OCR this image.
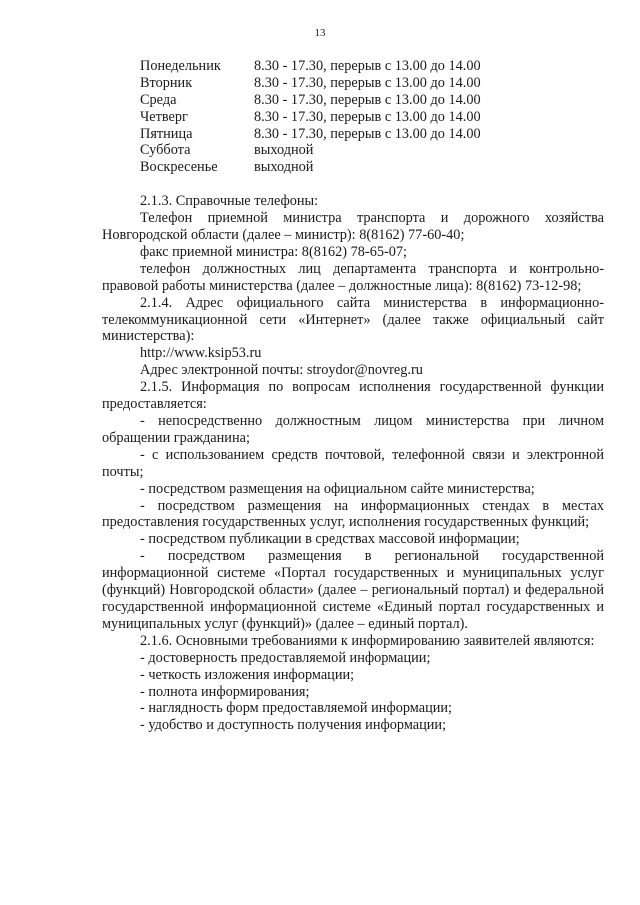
13
Понедельник	8.30 - 17.30, перерыв с 13.00 до 14.00
Вторник	8.30 - 17.30, перерыв с 13.00 до 14.00
Среда	8.30 - 17.30, перерыв с 13.00 до 14.00
Четверг	8.30 - 17.30, перерыв с 13.00 до 14.00
Пятница	8.30 - 17.30, перерыв с 13.00 до 14.00
Суббота	выходной
Воскресенье	выходной

2.1.3. Справочные телефоны:

Телефон приемной министра транспорта и дорожного хозяйства Новгородской области (далее – министр): 8(8162) 77-60-40;

факс приемной министра: 8(8162) 78-65-07;

телефон должностных лиц департамента транспорта и контрольно-правовой работы министерства (далее – должностные лица): 8(8162) 73-12-98;

2.1.4. Адрес официального сайта министерства в информационно-телекоммуникационной сети «Интернет» (далее также официальный сайт министерства):

http://www.ksip53.ru

Адрес электронной почты: stroydor@novreg.ru

2.1.5. Информация по вопросам исполнения государственной функции предоставляется:

- непосредственно должностным лицом министерства при личном обращении гражданина;

- с использованием средств почтовой, телефонной связи и электронной почты;

- посредством размещения на официальном сайте министерства;

- посредством размещения на информационных стендах в местах предоставления государственных услуг, исполнения государственных функций;

- посредством публикации в средствах массовой информации;

- посредством размещения в региональной государственной информационной системе «Портал государственных и муниципальных услуг (функций) Новгородской области» (далее – региональный портал) и федеральной государственной информационной системе «Единый портал государственных и муниципальных услуг (функций)» (далее – единый портал).

2.1.6. Основными требованиями к информированию заявителей являются:

- достоверность предоставляемой информации;

- четкость изложения информации;

- полнота информирования;

- наглядность форм предоставляемой информации;

- удобство и доступность получения информации;
